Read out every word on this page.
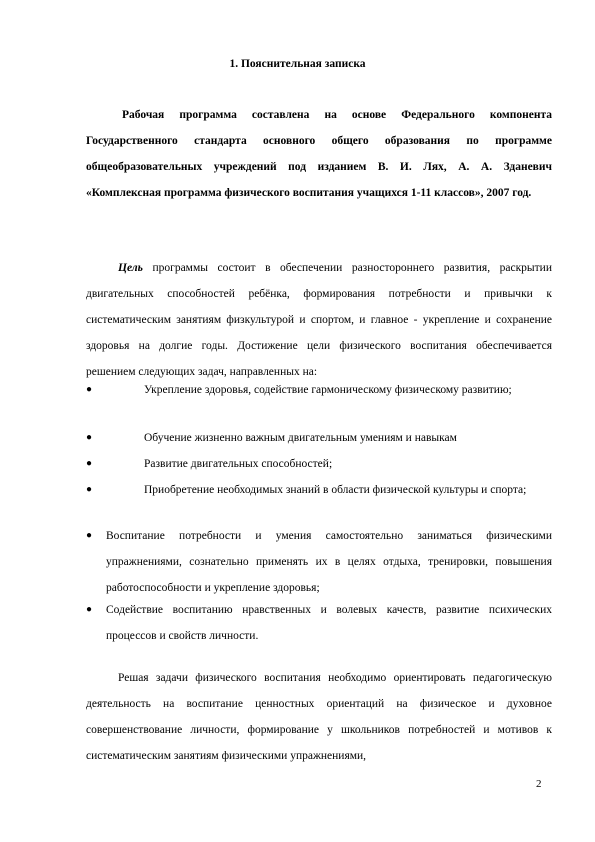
1. Пояснительная записка

Рабочая программа составлена на основе Федерального компонента Государственного стандарта основного общего образования по программе общеобразовательных учреждений под изданием В. И. Лях, А. А. Зданевич «Комплексная программа физического воспитания учащихся 1-11 классов», 2007 год.

Цель программы состоит в обеспечении разностороннего развития, раскрытии двигательных способностей ребёнка, формирования потребности и привычки к систематическим занятиям физкультурой и спортом, и главное - укрепление и сохранение здоровья на долгие годы. Достижение цели физического воспитания обеспечивается решением следующих задач, направленных на:

●	Укрепление здоровья, содействие гармоническому физическому развитию;
●	Обучение жизненно важным двигательным умениям и навыкам
●	Развитие двигательных способностей;
●	Приобретение необходимых знаний в области физической культуры и спорта;
●	Воспитание потребности и умения самостоятельно заниматься физическими упражнениями, сознательно применять их в целях отдыха, тренировки, повышения работоспособности и укрепление здоровья;
●	Содействие воспитанию нравственных и волевых качеств, развитие психических процессов и свойств личности.

Решая задачи физического воспитания необходимо ориентировать педагогическую деятельность на воспитание ценностных ориентаций на физическое и духовное совершенствование личности, формирование у школьников потребностей и мотивов к систематическим занятиям физическими упражнениями,

2
